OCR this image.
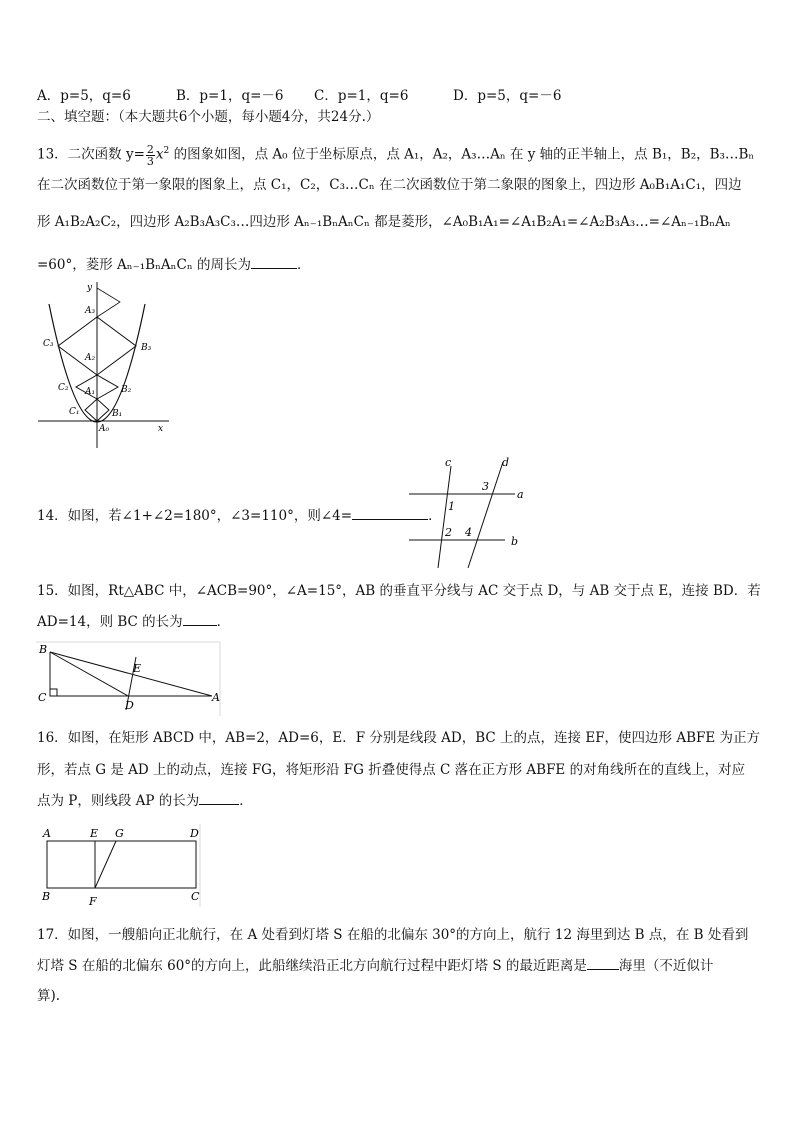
A．p=5，q=6	B．p=1，q=－6 C．p=1，q=6	D．p=5，q=－6
二、填空题：（本大题共6个小题，每小题4分，共24分.）
13．二次函数 $y= \frac{2}{3} x^2$ 的图象如图，点 A₀ 位于坐标原点，点 A₁，A₂，A₃…Aₙ 在 y 轴的正半轴上，点 B₁，B₂，B₃…Bₙ
在二次函数位于第一象限的图象上，点 C₁，C₂，C₃…Cₙ 在二次函数位于第二象限的图象上，四边形 A₀B₁A₁C₁，四边
形 A₁B₂A₂C₂，四边形 A₂B₃A₃C₃…四边形 Aₙ₋₁BₙAₙCₙ 都是菱形，∠A₀B₁A₁=∠A₁B₂A₁=∠A₂B₃A₃…=∠Aₙ₋₁BₙAₙ
=60°，菱形 Aₙ₋₁BₙAₙCₙ 的周长为	．
y
A₃
C₃	B₃
A₂
C₂ A₁	B₂
C₁	B₁
A₀	x
14．如图，若∠1+∠2=180°，∠3=110°，则∠4=	．
c	d
3
a
1
2 4
b
15．如图，Rt△ABC 中，∠ACB=90°，∠A=15°，AB 的垂直平分线与 AC 交于点 D，与 AB 交于点 E，连接 BD．若
AD=14，则 BC 的长为	．
B
E
C
D
A
16．如图，在矩形 ABCD 中，AB=2，AD=6，E．F 分别是线段 AD，BC 上的点，连接 EF，使四边形 ABFE 为正方
形，若点 G 是 AD 上的动点，连接 FG，将矩形沿 FG 折叠使得点 C 落在正方形 ABFE 的对角线所在的直线上，对应
点为 P，则线段 AP 的长为	．
A	E G	D
B	F	C
17．如图，一艘船向正北航行，在 A 处看到灯塔 S 在船的北偏东 30°的方向上，航行 12 海里到达 B 点，在 B 处看到
灯塔 S 在船的北偏东 60°的方向上，此船继续沿正北方向航行过程中距灯塔 S 的最近距离是 海里（不近似计
算).
